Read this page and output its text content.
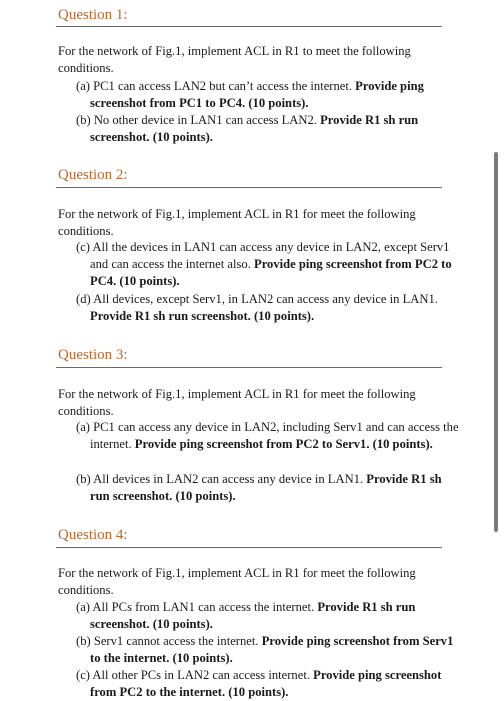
Question 1:

For the network of Fig.1, implement ACL in R1 to meet the following conditions.

(a) PC1 can access LAN2 but can’t access the internet. Provide ping screenshot from PC1 to PC4. (10 points).

(b) No other device in LAN1 can access LAN2. Provide R1 sh run screenshot. (10 points).

Question 2:

For the network of Fig.1, implement ACL in R1 for meet the following conditions.

(c) All the devices in LAN1 can access any device in LAN2, except Serv1 and can access the internet also. Provide ping screenshot from PC2 to PC4. (10 points).

(d) All devices, except Serv1, in LAN2 can access any device in LAN1. Provide R1 sh run screenshot. (10 points).

Question 3:

For the network of Fig.1, implement ACL in R1 for meet the following conditions.

(a) PC1 can access any device in LAN2, including Serv1 and can access the internet. Provide ping screenshot from PC2 to Serv1. (10 points).

(b) All devices in LAN2 can access any device in LAN1. Provide R1 sh run screenshot. (10 points).

Question 4:

For the network of Fig.1, implement ACL in R1 for meet the following conditions.

(a) All PCs from LAN1 can access the internet. Provide R1 sh run screenshot. (10 points).

(b) Serv1 cannot access the internet. Provide ping screenshot from Serv1 to the internet. (10 points).

(c) All other PCs in LAN2 can access internet. Provide ping screenshot from PC2 to the internet. (10 points).
